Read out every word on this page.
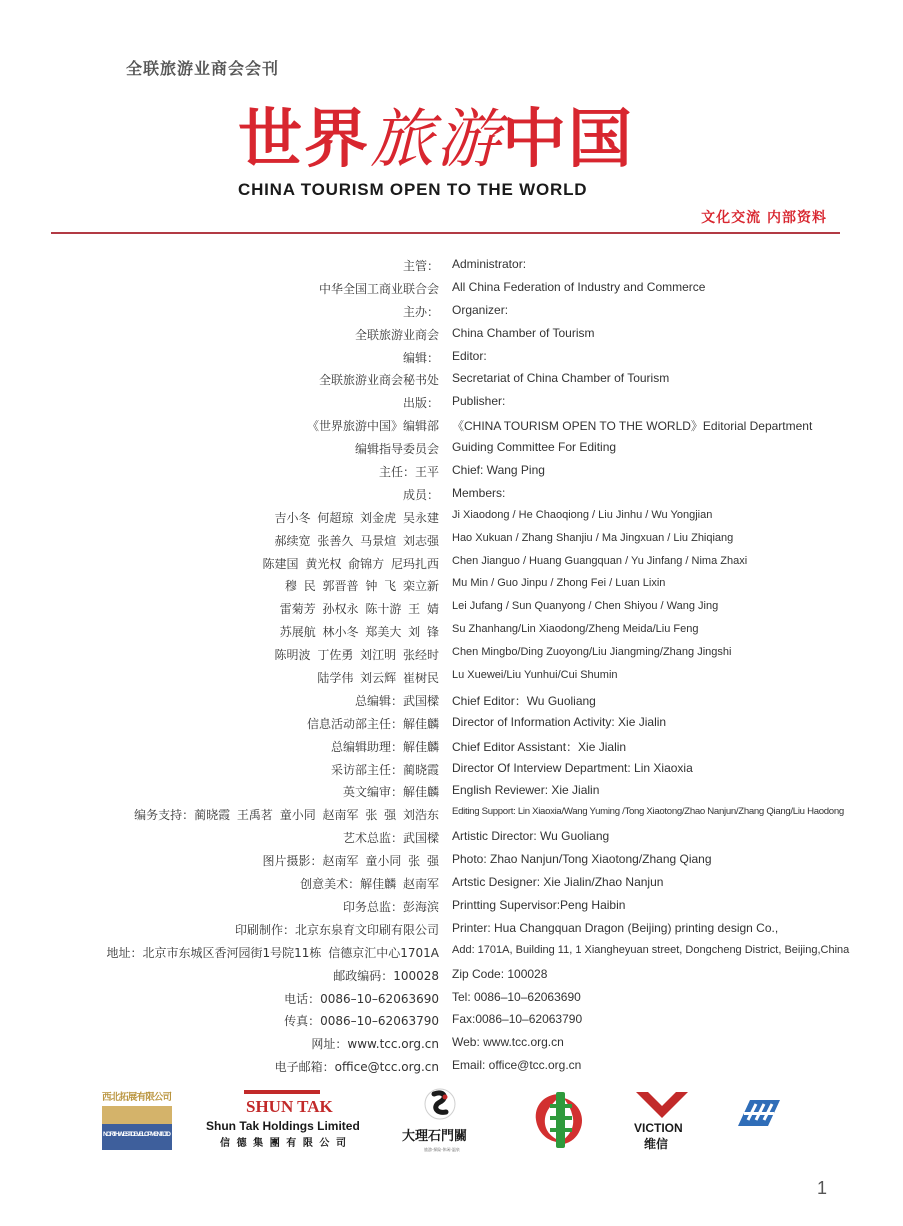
全联旅游业商会会刊
世界旅游中国
CHINA TOURISM OPEN TO THE WORLD
文化交流 内部资料
主管： Administrator:
中华全国工商业联合会 All China Federation of Industry and Commerce
主办： Organizer:
全联旅游业商会 China Chamber of Tourism
编辑： Editor:
全联旅游业商会秘书处 Secretariat of China Chamber of Tourism
出版： Publisher:
《世界旅游中国》编辑部 《CHINA TOURISM OPEN TO THE WORLD》Editorial Department
编辑指导委员会 Guiding Committee For Editing
主任：王平 Chief: Wang Ping
成员： Members:
吉小冬 何超琼 刘金虎 吴永建 Ji Xiaodong / He Chaoqiong / Liu Jinhu / Wu Yongjian
郝续宽 张善久 马景煊 刘志强 Hao Xukuan / Zhang Shanjiu / Ma Jingxuan / Liu Zhiqiang
陈建国 黄光权 俞锦方 尼玛扎西 Chen Jianguo / Huang Guangquan / Yu Jinfang / Nima Zhaxi
穆 民 郭晋普 钟 飞 栾立新 Mu Min / Guo Jinpu / Zhong Fei / Luan Lixin
雷菊芳 孙权永 陈十游 王 婧 Lei Jufang / Sun Quanyong / Chen Shiyou / Wang Jing
苏展航 林小冬 郑美大 刘 锋 Su Zhanhang/Lin Xiaodong/Zheng Meida/Liu Feng
陈明波 丁佐勇 刘江明 张经时 Chen Mingbo/Ding Zuoyong/Liu Jiangming/Zhang Jingshi
陆学伟 刘云辉 崔树民 Lu Xuewei/Liu Yunhui/Cui Shumin
总编辑：武国樑 Chief Editor：Wu Guoliang
信息活动部主任：解佳麟 Director of Information Activity: Xie Jialin
总编辑助理：解佳麟 Chief Editor Assistant：Xie Jialin
采访部主任：蔺晓霞 Director Of Interview Department: Lin Xiaoxia
英文编审：解佳麟 English Reviewer: Xie Jialin
编务支持：蔺晓霞 王禹茗 童小同 赵南军 张 强 刘浩东 Editing Support: Lin Xiaoxia/Wang Yuming /Tong Xiaotong/Zhao Nanjun/Zhang Qiang/Liu Haodong
艺术总监：武国樑 Artistic Director: Wu Guoliang
图片摄影：赵南军 童小同 张 强 Photo: Zhao Nanjun/Tong Xiaotong/Zhang Qiang
创意美术：解佳麟 赵南军 Artstic Designer: Xie Jialin/Zhao Nanjun
印务总监：彭海滨 Printting Supervisor:Peng Haibin
印刷制作：北京东泉育文印刷有限公司 Printer: Hua Changquan Dragon (Beijing) printing design Co.,
地址：北京市东城区香河园街1号院11栋 信德京汇中心1701A Add: 1701A, Building 11, 1 Xiangheyuan street, Dongcheng District, Beijing,China
邮政编码：100028 Zip Code: 100028
电话：0086–10–62063690 Tel: 0086–10–62063690
传真：0086–10–62063790 Fax:0086–10–62063790
网址：www.tcc.org.cn Web: www.tcc.org.cn
电子邮箱：office@tcc.org.cn Email: office@tcc.org.cn
西北拓展有限公司
NORTH WEST DEVELOPMENT LTD
SHUN TAK
Shun Tak Holdings Limited
信德集團有限公司	大理石門關
旅游·探险·休闲·温泉
VICTION
维信
1
